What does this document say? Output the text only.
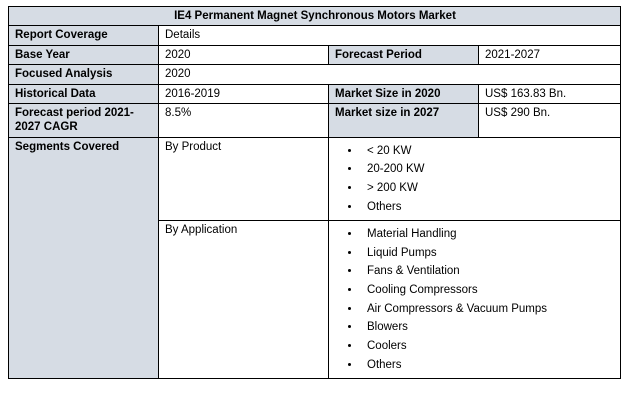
IE4 Permanent Magnet Synchronous Motors Market			
Report Coverage	Details		
Base Year	2020	Forecast Period	2021-2027
Focused Analysis	2020		
Historical Data	2016-2019	Market Size in 2020	US$ 163.83 Bn.
Forecast period 2021-2027 CAGR	8.5%	Market size in 2027	US$ 290 Bn.
Segments Covered	By Product	
•< 20 KW
• 20-200 KW
• > 200 KW
• Others

By Application	
•Material Handling
• Liquid Pumps
• Fans & Ventilation
• Cooling Compressors
• Air Compressors & Vacuum Pumps
• Blowers
• Coolers
• Others
